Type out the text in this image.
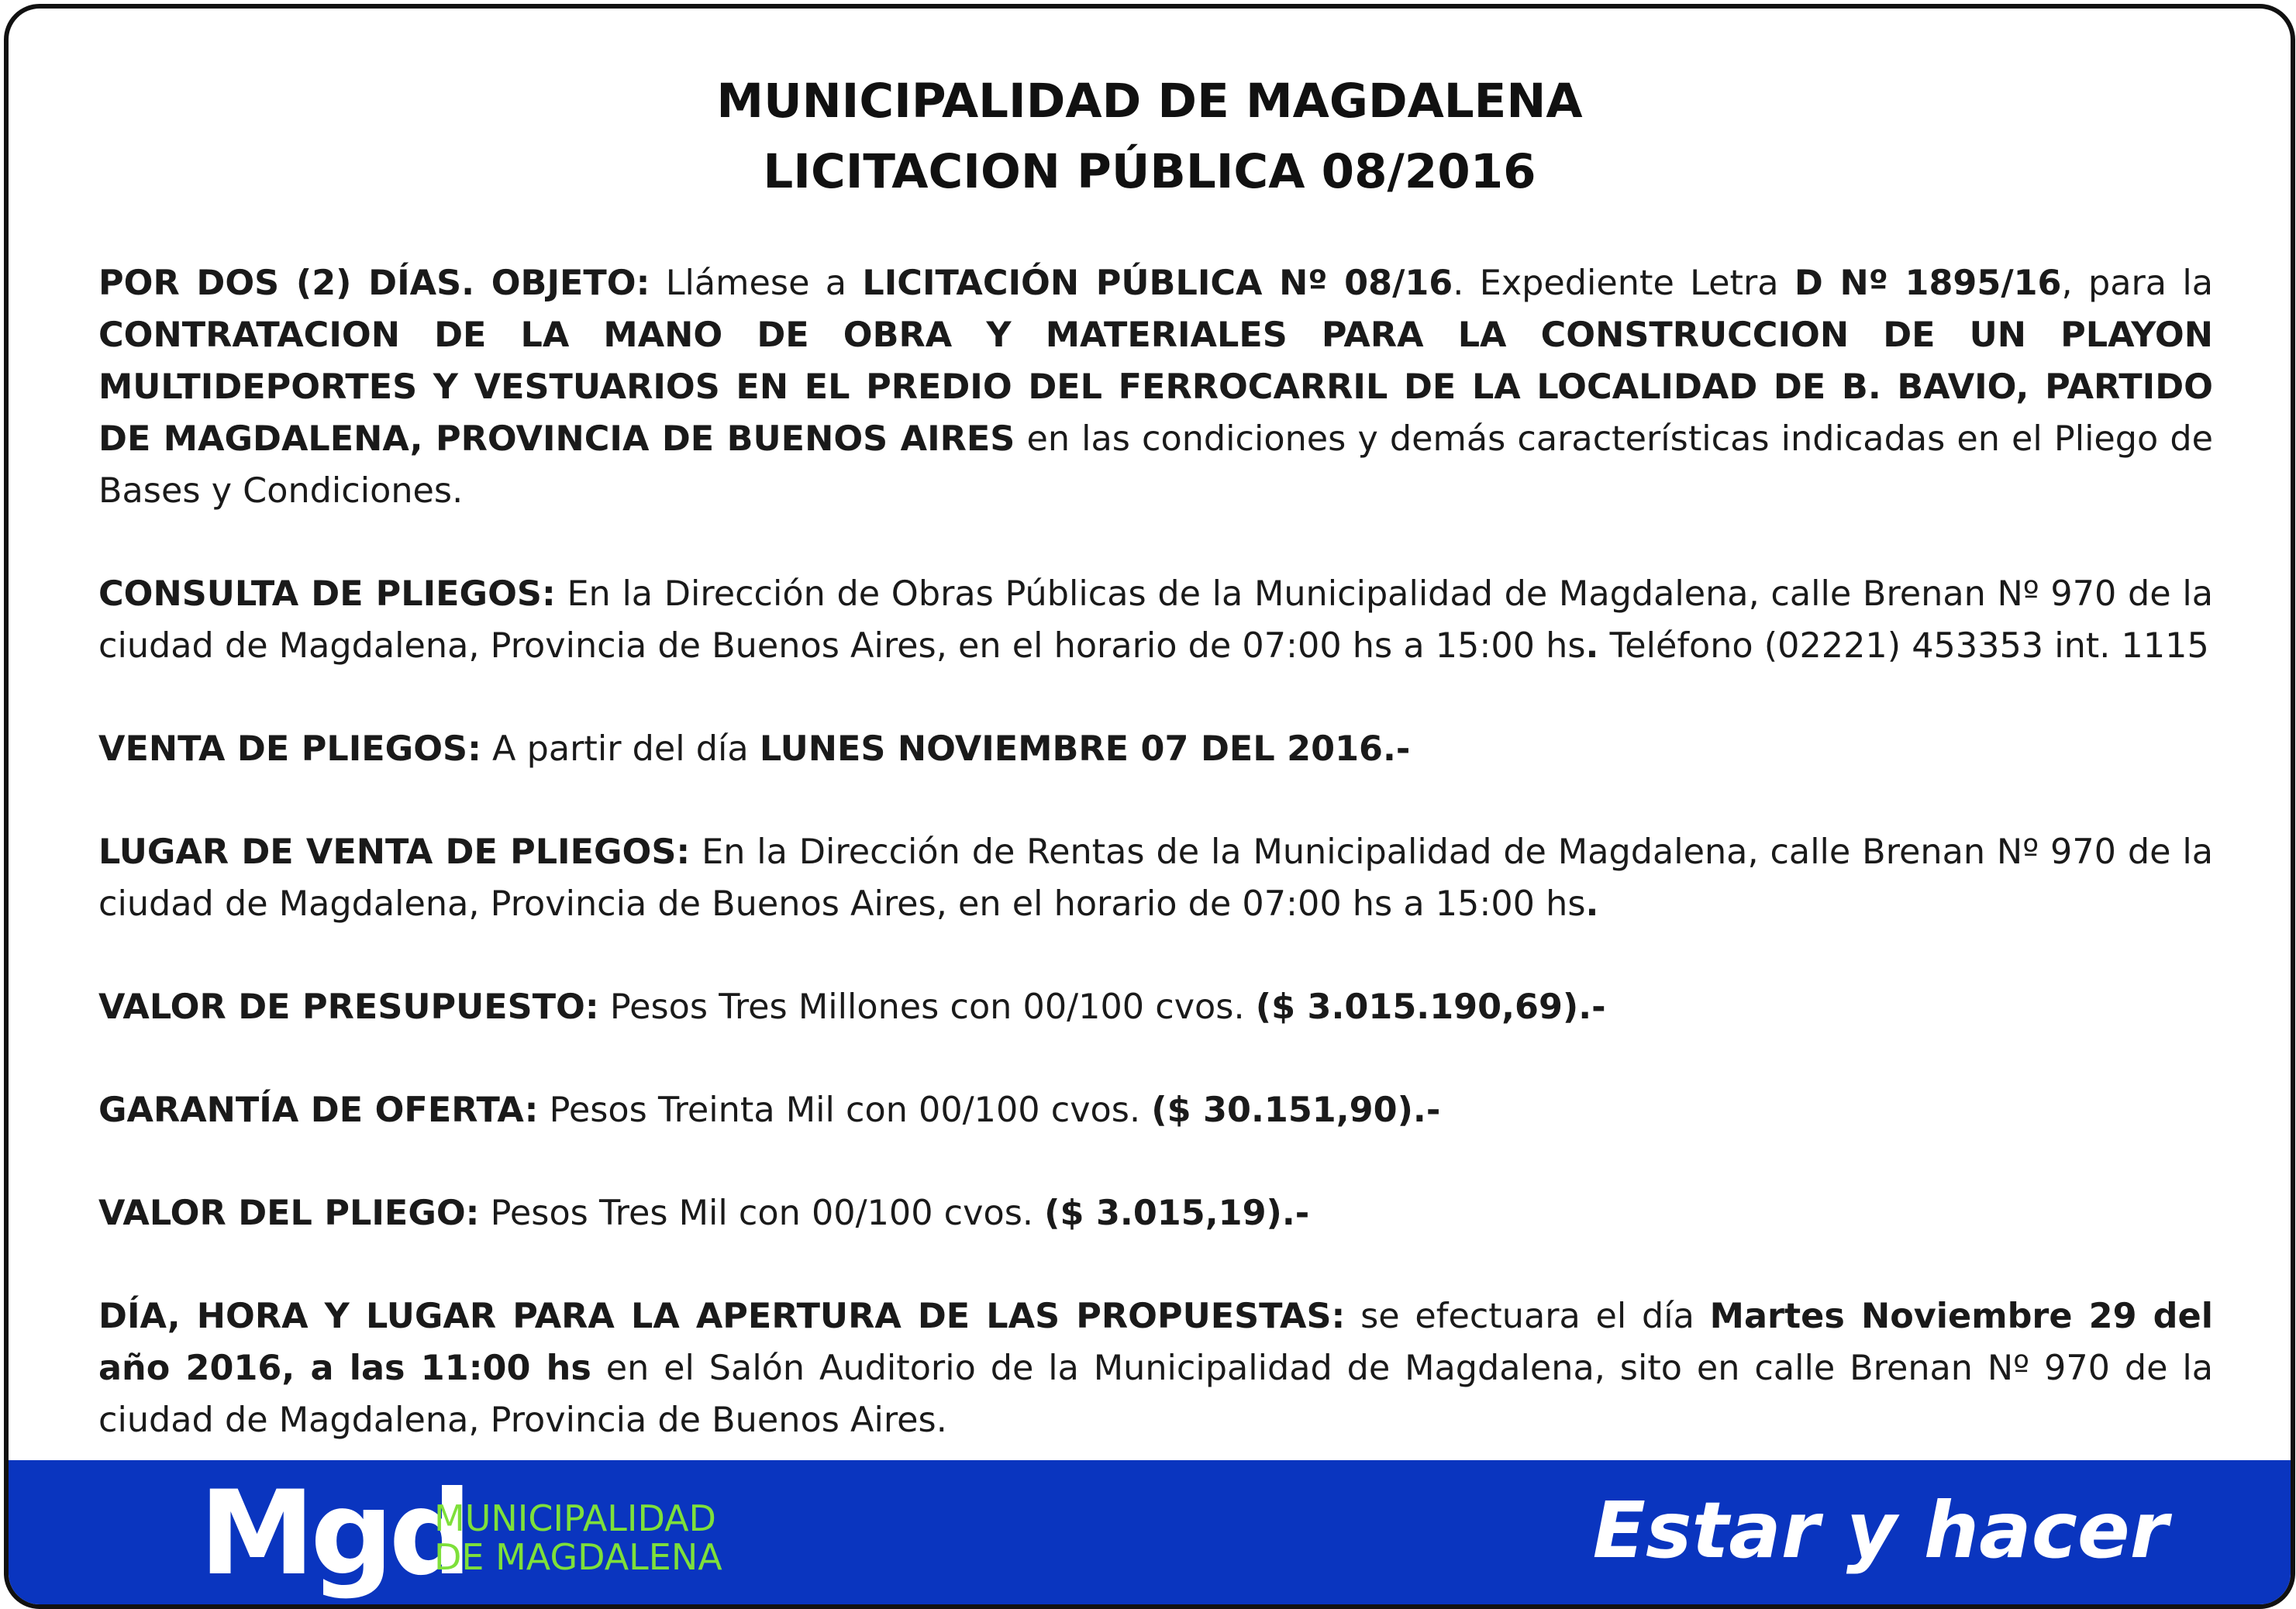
MUNICIPALIDAD DE MAGDALENA
LICITACION PÚBLICA 08/2016

POR DOS (2) DÍAS. OBJETO: Llámese a LICITACIÓN PÚBLICA Nº 08/16. Expediente Letra D Nº 1895/16, para la CONTRATACION DE LA MANO DE OBRA Y MATERIALES PARA LA CONSTRUCCION DE UN PLAYON MULTIDEPORTES Y VESTUARIOS EN EL PREDIO DEL FERROCARRIL DE LA LOCALIDAD DE B. BAVIO, PARTIDO DE MAGDALENA, PROVINCIA DE BUENOS AIRES en las condiciones y demás características indicadas en el Pliego de Bases y Condiciones.

CONSULTA DE PLIEGOS: En la Dirección de Obras Públicas de la Municipalidad de Magdalena, calle Brenan Nº 970 de la ciudad de Magdalena, Provincia de Buenos Aires, en el horario de 07:00 hs a 15:00 hs. Teléfono (02221) 453353 int. 1115

VENTA DE PLIEGOS: A partir del día LUNES NOVIEMBRE 07 DEL 2016.-

LUGAR DE VENTA DE PLIEGOS: En la Dirección de Rentas de la Municipalidad de Magdalena, calle Brenan Nº 970 de la ciudad de Magdalena, Provincia de Buenos Aires, en el horario de 07:00 hs a 15:00 hs.

VALOR DE PRESUPUESTO: Pesos Tres Millones con 00/100 cvos. ($ 3.015.190,69).-

GARANTÍA DE OFERTA: Pesos Treinta Mil con 00/100 cvos. ($ 30.151,90).-

VALOR DEL PLIEGO: Pesos Tres Mil con 00/100 cvos. ($ 3.015,19).-

DÍA, HORA Y LUGAR PARA LA APERTURA DE LAS PROPUESTAS: se efectuara el día Martes Noviembre 29 del año 2016, a las 11:00 hs en el Salón Auditorio de la Municipalidad de Magdalena, sito en calle Brenan Nº 970 de la ciudad de Magdalena, Provincia de Buenos Aires.

Mgd
MUNICIPALIDAD
DE MAGDALENA	Estar y hacer
